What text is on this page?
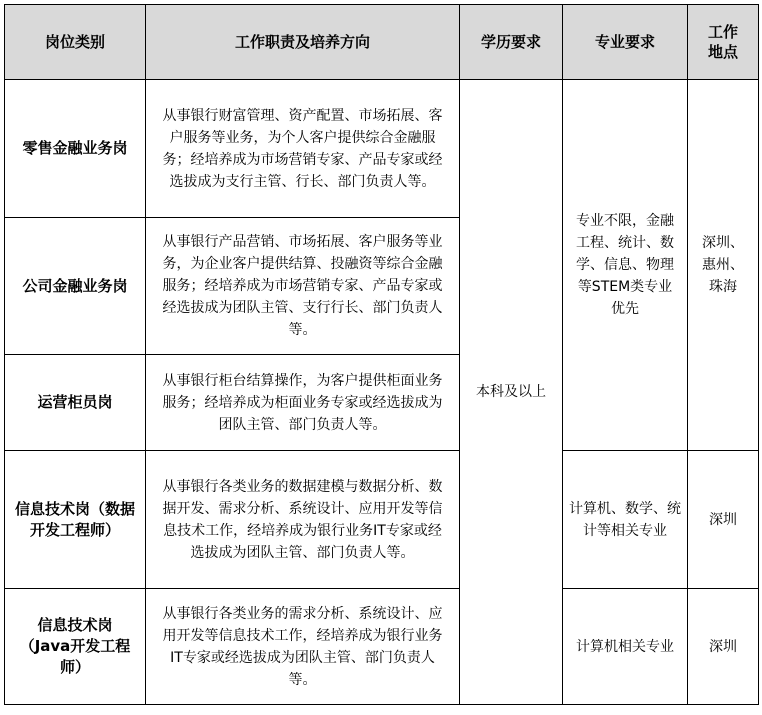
岗位类别	工作职责及培养方向	学历要求	专业要求	工作地点
零售金融业务岗	从事银行财富管理、资产配置、市场拓展、客户服务等业务，为个人客户提供综合金融服务；经培养成为市场营销专家、产品专家或经选拔成为支行主管、行长、部门负责人等。	本科及以上	专业不限，金融工程、统计、数学、信息、物理等STEM类专业优先	深圳、惠州、珠海
公司金融业务岗	从事银行产品营销、市场拓展、客户服务等业务，为企业客户提供结算、投融资等综合金融服务；经培养成为市场营销专家、产品专家或经选拔成为团队主管、支行行长、部门负责人等。			
运营柜员岗	从事银行柜台结算操作，为客户提供柜面业务服务；经培养成为柜面业务专家或经选拔成为团队主管、部门负责人等。			
信息技术岗（数据开发工程师）	从事银行各类业务的数据建模与数据分析、数据开发、需求分析、系统设计、应用开发等信息技术工作，经培养成为银行业务IT专家或经选拔成为团队主管、部门负责人等。		计算机、数学、统计等相关专业	深圳
信息技术岗（Java开发工程师）	从事银行各类业务的需求分析、系统设计、应用开发等信息技术工作，经培养成为银行业务IT专家或经选拔成为团队主管、部门负责人等。		计算机相关专业	深圳
